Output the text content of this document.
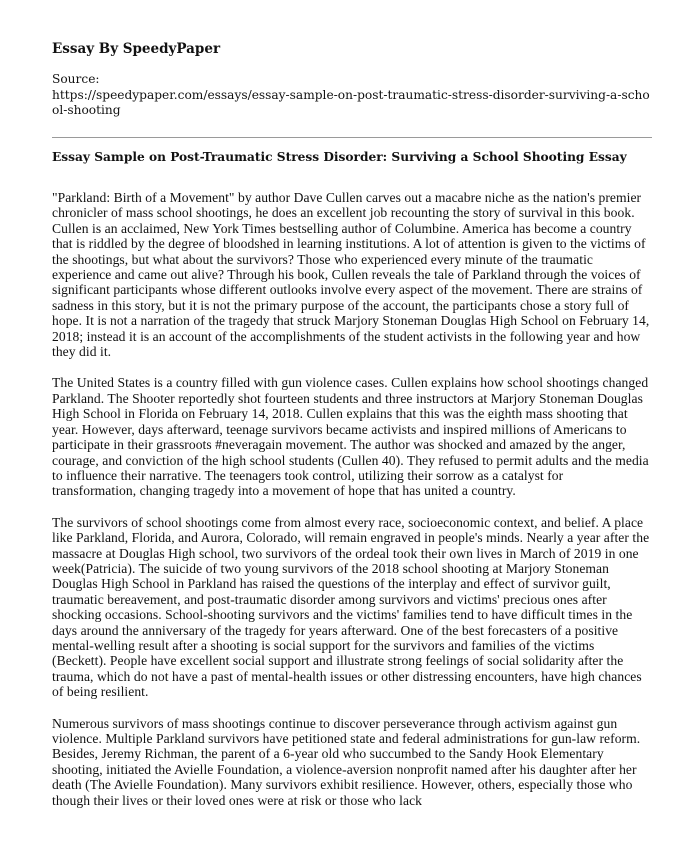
Essay By SpeedyPaper
Source:
https://speedypaper.com/essays/essay-sample-on-post-traumatic-stress-disorder-surviving-a-school-shooting
Essay Sample on Post-Traumatic Stress Disorder: Surviving a School Shooting Essay

"Parkland: Birth of a Movement" by author Dave Cullen carves out a macabre niche as the nation's premier chronicler of mass school shootings, he does an excellent job recounting the story of survival in this book. Cullen is an acclaimed, New York Times bestselling author of Columbine. America has become a country that is riddled by the degree of bloodshed in learning institutions. A lot of attention is given to the victims of the shootings, but what about the survivors? Those who experienced every minute of the traumatic experience and came out alive? Through his book, Cullen reveals the tale of Parkland through the voices of significant participants whose different outlooks involve every aspect of the movement. There are strains of sadness in this story, but it is not the primary purpose of the account, the participants chose a story full of hope. It is not a narration of the tragedy that struck Marjory Stoneman Douglas High School on February 14, 2018; instead it is an account of the accomplishments of the student activists in the following year and how they did it.

The United States is a country filled with gun violence cases. Cullen explains how school shootings changed Parkland. The Shooter reportedly shot fourteen students and three instructors at Marjory Stoneman Douglas High School in Florida on February 14, 2018. Cullen explains that this was the eighth mass shooting that year. However, days afterward, teenage survivors became activists and inspired millions of Americans to participate in their grassroots #neveragain movement. The author was shocked and amazed by the anger, courage, and conviction of the high school students (Cullen 40). They refused to permit adults and the media to influence their narrative. The teenagers took control, utilizing their sorrow as a catalyst for transformation, changing tragedy into a movement of hope that has united a country.

The survivors of school shootings come from almost every race, socioeconomic context, and belief. A place like Parkland, Florida, and Aurora, Colorado, will remain engraved in people's minds. Nearly a year after the massacre at Douglas High school, two survivors of the ordeal took their own lives in March of 2019 in one week(Patricia). The suicide of two young survivors of the 2018 school shooting at Marjory Stoneman Douglas High School in Parkland has raised the questions of the interplay and effect of survivor guilt, traumatic bereavement, and post-traumatic disorder among survivors and victims' precious ones after shocking occasions. School-shooting survivors and the victims' families tend to have difficult times in the days around the anniversary of the tragedy for years afterward. One of the best forecasters of a positive mental-welling result after a shooting is social support for the survivors and families of the victims (Beckett). People have excellent social support and illustrate strong feelings of social solidarity after the trauma, which do not have a past of mental-health issues or other distressing encounters, have high chances of being resilient.

Numerous survivors of mass shootings continue to discover perseverance through activism against gun violence. Multiple Parkland survivors have petitioned state and federal administrations for gun-law reform. Besides, Jeremy Richman, the parent of a 6-year old who succumbed to the Sandy Hook Elementary shooting, initiated the Avielle Foundation, a violence-aversion nonprofit named after his daughter after her death (The Avielle Foundation). Many survivors exhibit resilience. However, others, especially those who though their lives or their loved ones were at risk or those who lack
